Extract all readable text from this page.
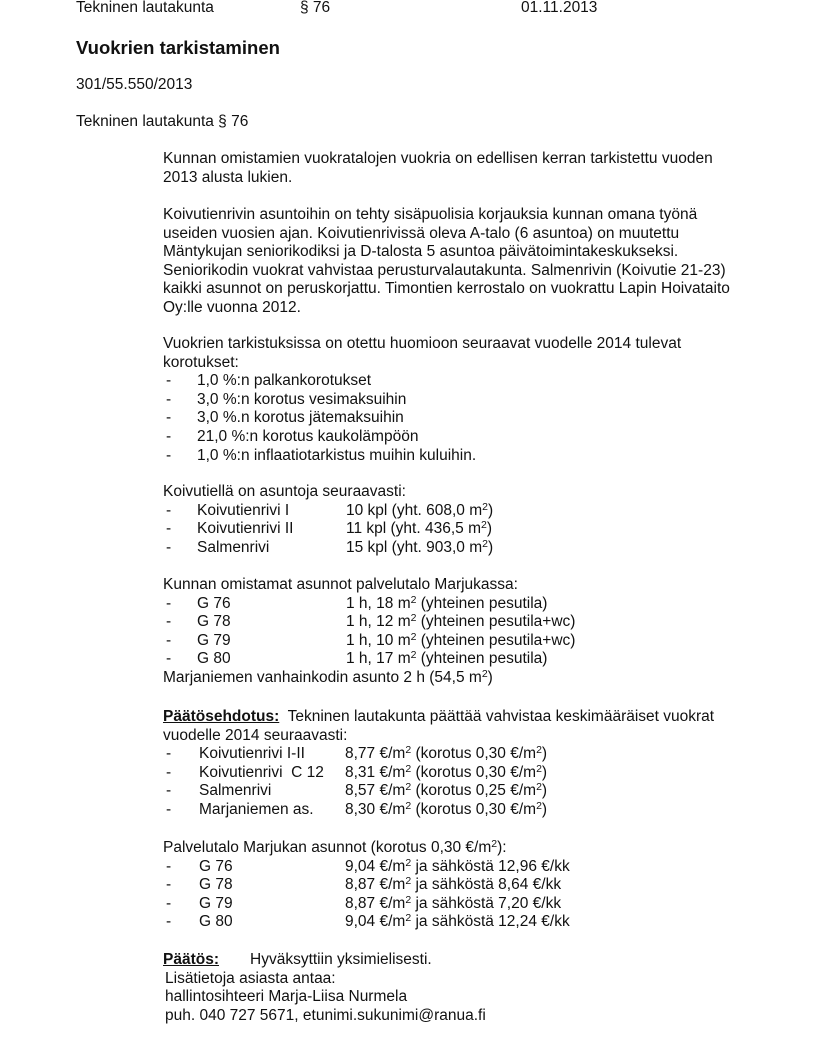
Tekninen lautakunta	§ 76	01.11.2013
Vuokrien tarkistaminen
301/55.550/2013
Tekninen lautakunta § 76

Kunnan omistamien vuokratalojen vuokria on edellisen kerran tarkistettu vuoden 2013 alusta lukien.

Koivutienrivin asuntoihin on tehty sisäpuolisia korjauksia kunnan omana työnä useiden vuosien ajan. Koivutienrivissä oleva A-talo (6 asuntoa) on muutettu Mäntykujan seniorikodiksi ja D-talosta 5 asuntoa päivätoimintakeskukseksi. Seniorikodin vuokrat vahvistaa perusturvalautakunta. Salmenrivin (Koivutie 21-23) kaikki asunnot on peruskorjattu. Timontien kerrostalo on vuokrattu Lapin Hoivataito Oy:lle vuonna 2012.

Vuokrien tarkistuksissa on otettu huomioon seuraavat vuodelle 2014 tulevat korotukset:

- 1,0 %:n palkankorotukset
- 3,0 %:n korotus vesimaksuihin
- 3,0 %.n korotus jätemaksuihin
- 21,0 %:n korotus kaukolämpöön
- 1,0 %:n inflaatiotarkistus muihin kuluihin.
Koivutiellä on asuntoja seuraavasti:
- Koivutienrivi I	10 kpl (yht. 608,0 $m^2$)
- Koivutienrivi II	11 kpl (yht. 436,5 $m^2$)
- Salmenrivi	15 kpl (yht. 903,0 $m^2$)
Kunnan omistamat asunnot palvelutalo Marjukassa:
- G 76	1 h, 18 $m^2$ (yhteinen pesutila)
- G 78	1 h, 12 $m^2$ (yhteinen pesutila+wc)
- G 79	1 h, 10 $m^2$ (yhteinen pesutila+wc)
- G 80	1 h, 17 $m^2$ (yhteinen pesutila)
Marjaniemen vanhainkodin asunto 2 h (54,5 $m^2$)
Päätösehdotus: Tekninen lautakunta päättää vahvistaa keskimääräiset vuokrat
vuodelle 2014 seuraavasti:
- Koivutienrivi I-II	8,77 $€/m^2$ (korotus 0,30 $€/m^2$)
- Koivutienrivi  C 12 8,31 $€/m^2$ (korotus 0,30 $€/m^2$)
- Salmenrivi	8,57 $€/m^2$ (korotus 0,25 $€/m^2$)
- Marjaniemen as. 8,30 $€/m^2$ (korotus 0,30 $€/m^2$)
Palvelutalo Marjukan asunnot (korotus 0,30 $€/m^2$):
- G 76	9,04 $€/m^2$ ja sähköstä 12,96 €/kk
- G 78	8,87 $€/m^2$ ja sähköstä 8,64 €/kk
- G 79	8,87 $€/m^2$ ja sähköstä 7,20 €/kk
- G 80	9,04 $€/m^2$ ja sähköstä 12,24 €/kk
Päätös: Hyväksyttiin yksimielisesti.
Lisätietoja asiasta antaa:
hallintosihteeri Marja-Liisa Nurmela
puh. 040 727 5671, etunimi.sukunimi@ranua.fi
